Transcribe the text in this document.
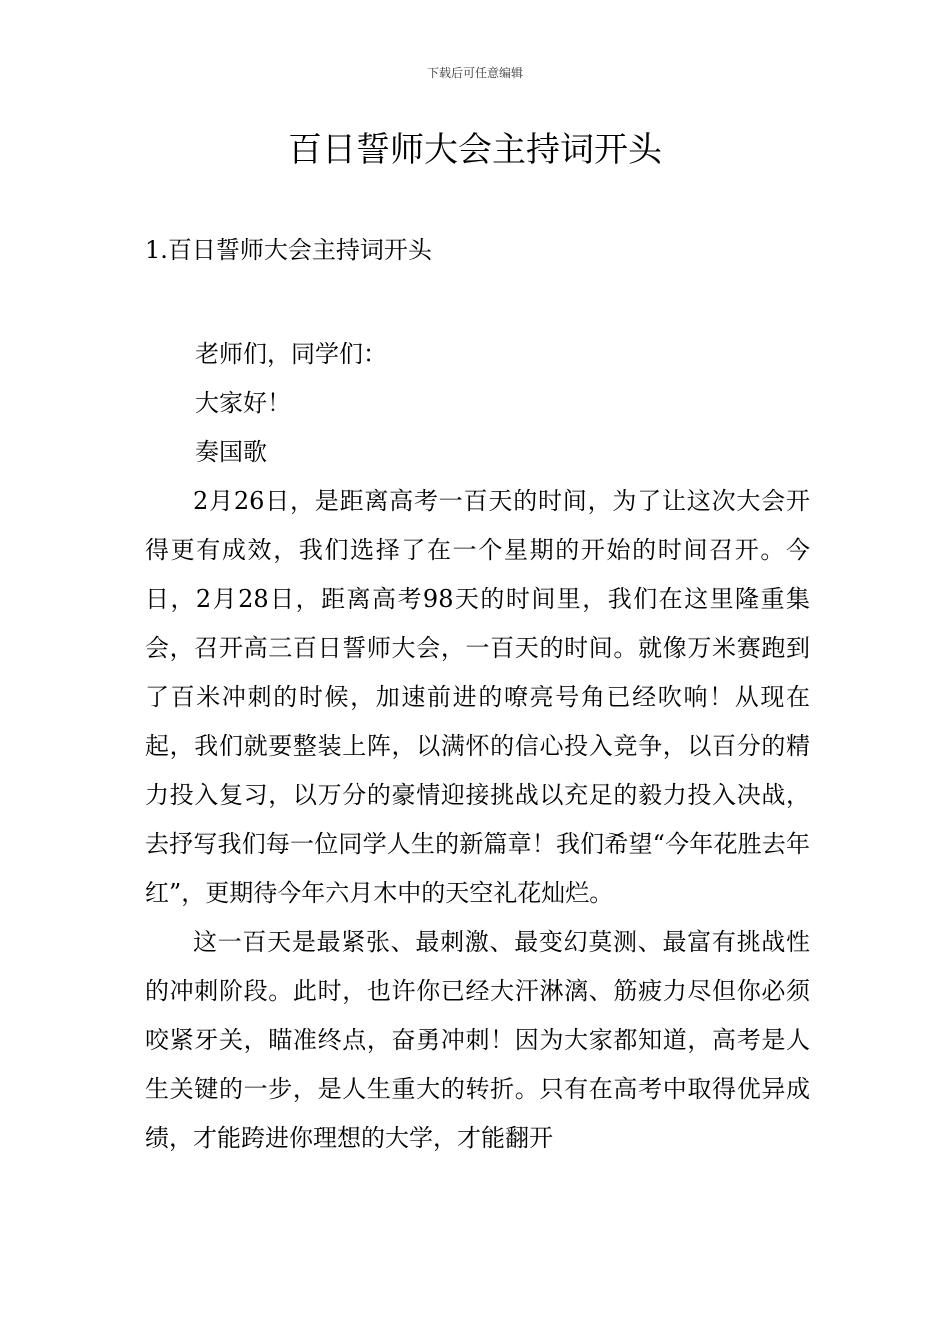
下载后可任意编辑
百日誓师大会主持词开头
1.百日誓师大会主持词开头

老师们，同学们：

大家好！

奏国歌

2月26日，是距离高考一百天的时间，为了让这次大会开得更有成效，我们选择了在一个星期的开始的时间召开。今日，2月28日，距离高考98天的时间里，我们在这里隆重集会，召开高三百日誓师大会，一百天的时间。就像万米赛跑到了百米冲刺的时候，加速前进的嘹亮号角已经吹响！从现在起，我们就要整装上阵，以满怀的信心投入竞争，以百分的精力投入复习，以万分的豪情迎接挑战以充足的毅力投入决战，去抒写我们每一位同学人生的新篇章！我们希望“今年花胜去年红”，更期待今年六月木中的天空礼花灿烂。

这一百天是最紧张、最刺激、最变幻莫测、最富有挑战性的冲刺阶段。此时，也许你已经大汗淋漓、筋疲力尽但你必须咬紧牙关，瞄准终点，奋勇冲刺！因为大家都知道，高考是人生关键的一步，是人生重大的转折。只有在高考中取得优异成绩，才能跨进你理想的大学，才能翻开
